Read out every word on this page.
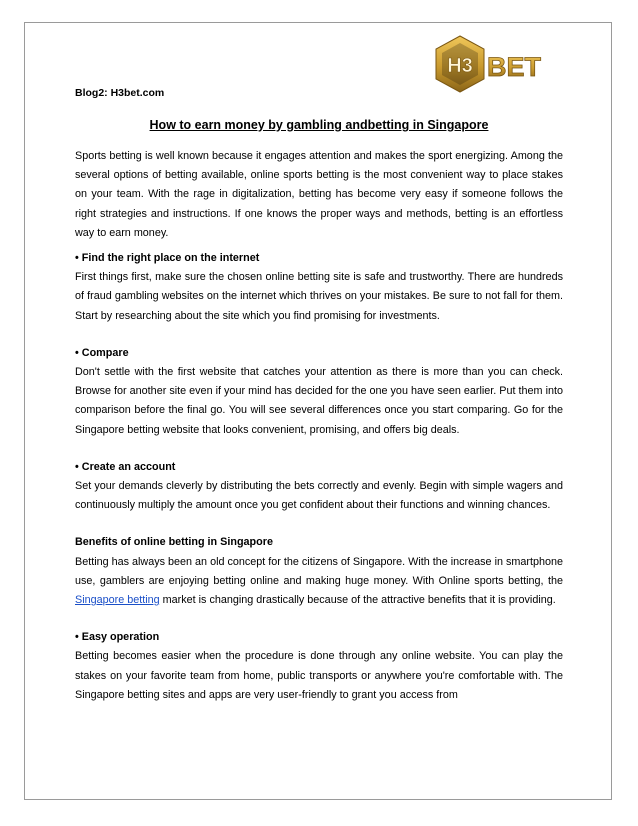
H3 BET
Blog2: H3bet.com
How to earn money by gambling andbetting in Singapore

Sports betting is well known because it engages attention and makes the sport energizing. Among the several options of betting available, online sports betting is the most convenient way to place stakes on your team. With the rage in digitalization, betting has become very easy if someone follows the right strategies and instructions. If one knows the proper ways and methods, betting is an effortless way to earn money.

• Find the right place on the internet
First things first, make sure the chosen online betting site is safe and trustworthy. There are hundreds of fraud gambling websites on the internet which thrives on your mistakes. Be sure to not fall for them. Start by researching about the site which you find promising for investments.

• Compare
Don't settle with the first website that catches your attention as there is more than you can check. Browse for another site even if your mind has decided for the one you have seen earlier. Put them into comparison before the final go. You will see several differences once you start comparing. Go for the Singapore betting website that looks convenient, promising, and offers big deals.

• Create an account
Set your demands cleverly by distributing the bets correctly and evenly. Begin with simple wagers and continuously multiply the amount once you get confident about their functions and winning chances.

Benefits of online betting in Singapore
Betting has always been an old concept for the citizens of Singapore. With the increase in smartphone use, gamblers are enjoying betting online and making huge money. With Online sports betting, the Singapore betting market is changing drastically because of the attractive benefits that it is providing.

• Easy operation
Betting becomes easier when the procedure is done through any online website. You can play the stakes on your favorite team from home, public transports or anywhere you're comfortable with. The Singapore betting sites and apps are very user-friendly to grant you access from
